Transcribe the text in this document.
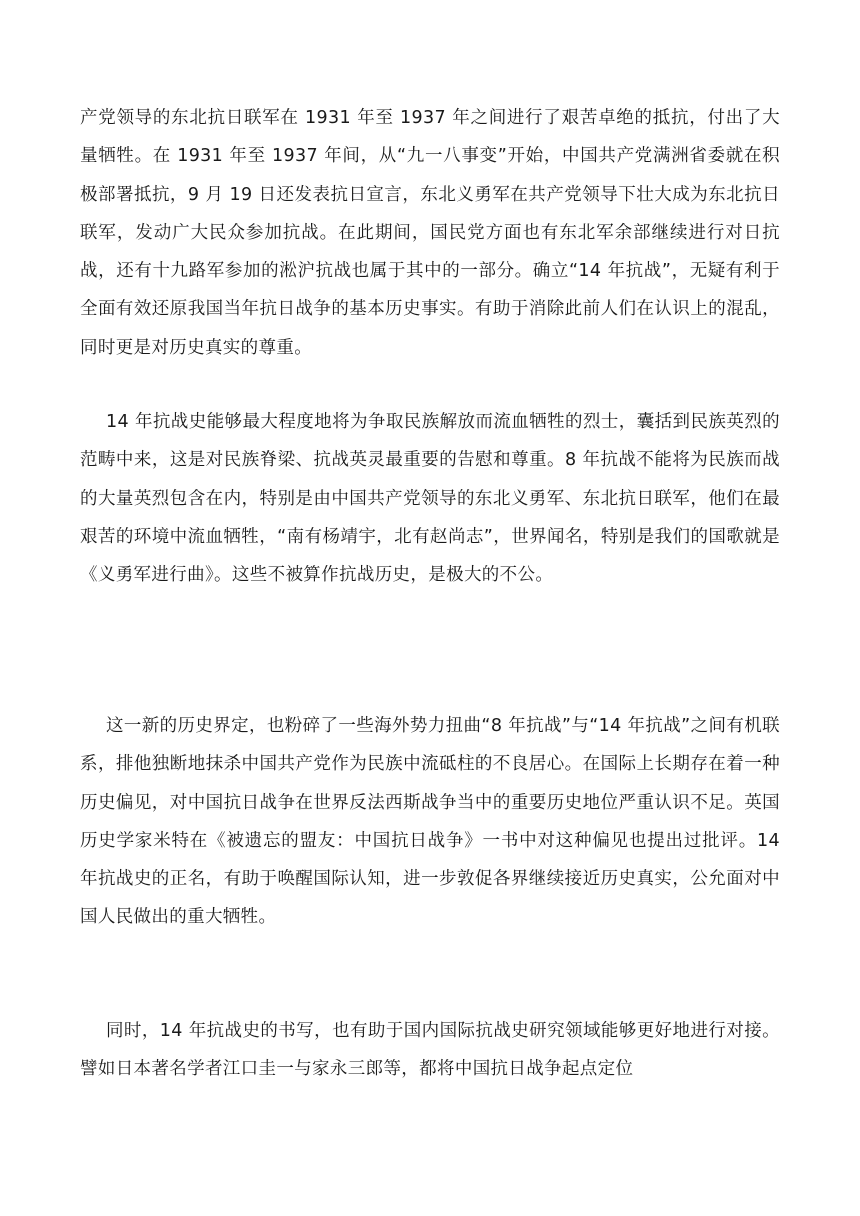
产党领导的东北抗日联军在 1931 年至 1937 年之间进行了艰苦卓绝的抵抗，付出了大量牺牲。在 1931 年至 1937 年间，从“九一八事变”开始，中国共产党满洲省委就在积极部署抵抗，9 月 19 日还发表抗日宣言，东北义勇军在共产党领导下壮大成为东北抗日联军，发动广大民众参加抗战。在此期间，国民党方面也有东北军余部继续进行对日抗战，还有十九路军参加的淞沪抗战也属于其中的一部分。确立“14 年抗战”，无疑有利于全面有效还原我国当年抗日战争的基本历史事实。有助于消除此前人们在认识上的混乱，同时更是对历史真实的尊重。

14 年抗战史能够最大程度地将为争取民族解放而流血牺牲的烈士，囊括到民族英烈的范畴中来，这是对民族脊梁、抗战英灵最重要的告慰和尊重。8 年抗战不能将为民族而战的大量英烈包含在内，特别是由中国共产党领导的东北义勇军、东北抗日联军，他们在最艰苦的环境中流血牺牲，“南有杨靖宇，北有赵尚志”，世界闻名，特别是我们的国歌就是《义勇军进行曲》。这些不被算作抗战历史，是极大的不公。

这一新的历史界定，也粉碎了一些海外势力扭曲“8 年抗战”与“14 年抗战”之间有机联系，排他独断地抹杀中国共产党作为民族中流砥柱的不良居心。在国际上长期存在着一种历史偏见，对中国抗日战争在世界反法西斯战争当中的重要历史地位严重认识不足。英国历史学家米特在《被遗忘的盟友：中国抗日战争》一书中对这种偏见也提出过批评。14 年抗战史的正名，有助于唤醒国际认知，进一步敦促各界继续接近历史真实，公允面对中国人民做出的重大牺牲。

同时，14 年抗战史的书写，也有助于国内国际抗战史研究领域能够更好地进行对接。譬如日本著名学者江口圭一与家永三郎等，都将中国抗日战争起点定位
